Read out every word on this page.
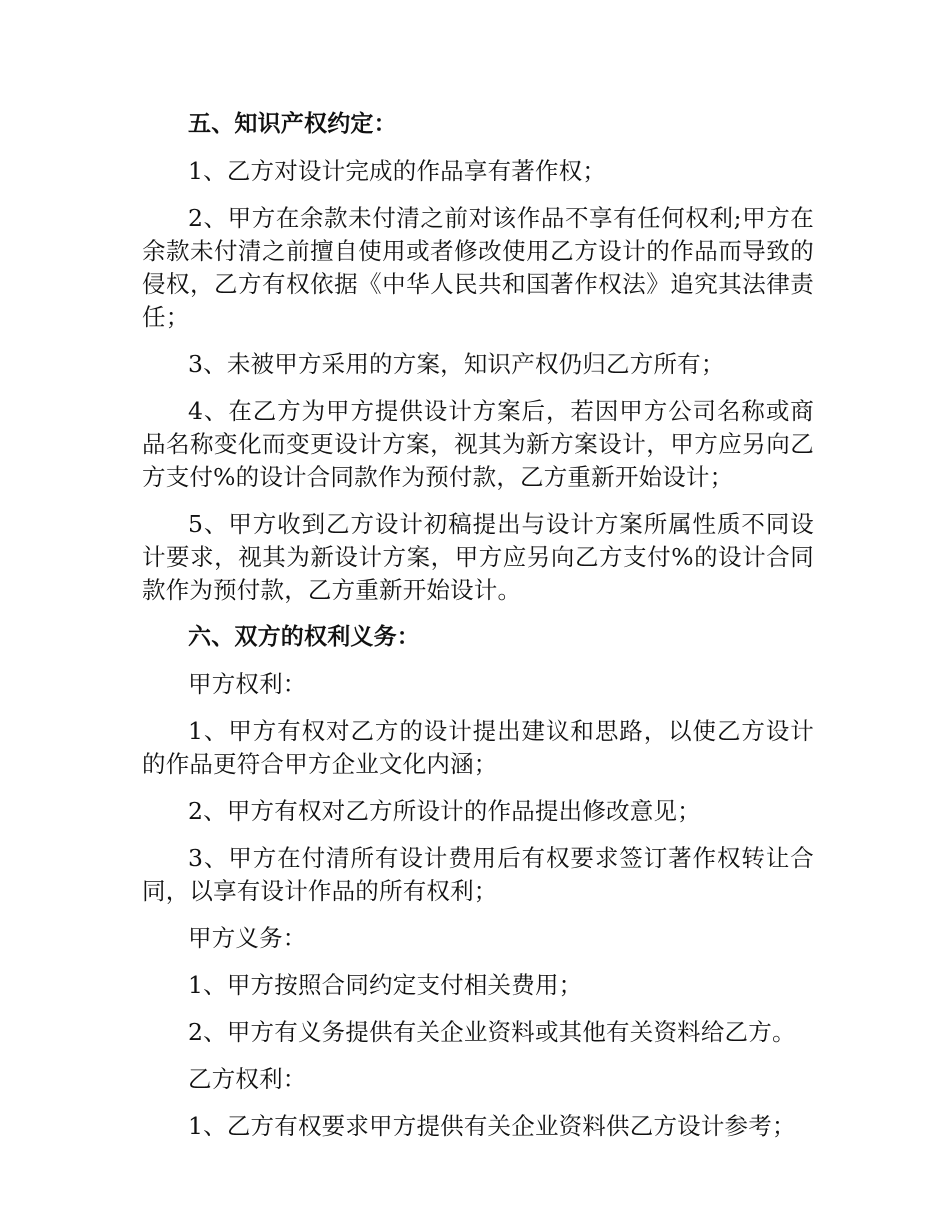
五、知识产权约定：
1、乙方对设计完成的作品享有著作权；
2、甲方在余款未付清之前对该作品不享有任何权利;甲方在余款未付清之前擅自使用或者修改使用乙方设计的作品而导致的侵权，乙方有权依据《中华人民共和国著作权法》追究其法律责任；
3、未被甲方采用的方案，知识产权仍归乙方所有；
4、在乙方为甲方提供设计方案后，若因甲方公司名称或商品名称变化而变更设计方案，视其为新方案设计，甲方应另向乙方支付%的设计合同款作为预付款，乙方重新开始设计；
5、甲方收到乙方设计初稿提出与设计方案所属性质不同设计要求，视其为新设计方案，甲方应另向乙方支付%的设计合同款作为预付款，乙方重新开始设计。
六、双方的权利义务：
甲方权利：
1、甲方有权对乙方的设计提出建议和思路，以使乙方设计的作品更符合甲方企业文化内涵；
2、甲方有权对乙方所设计的作品提出修改意见；
3、甲方在付清所有设计费用后有权要求签订著作权转让合同，以享有设计作品的所有权利；
甲方义务：
1、甲方按照合同约定支付相关费用；
2、甲方有义务提供有关企业资料或其他有关资料给乙方。
乙方权利：
1、乙方有权要求甲方提供有关企业资料供乙方设计参考；
